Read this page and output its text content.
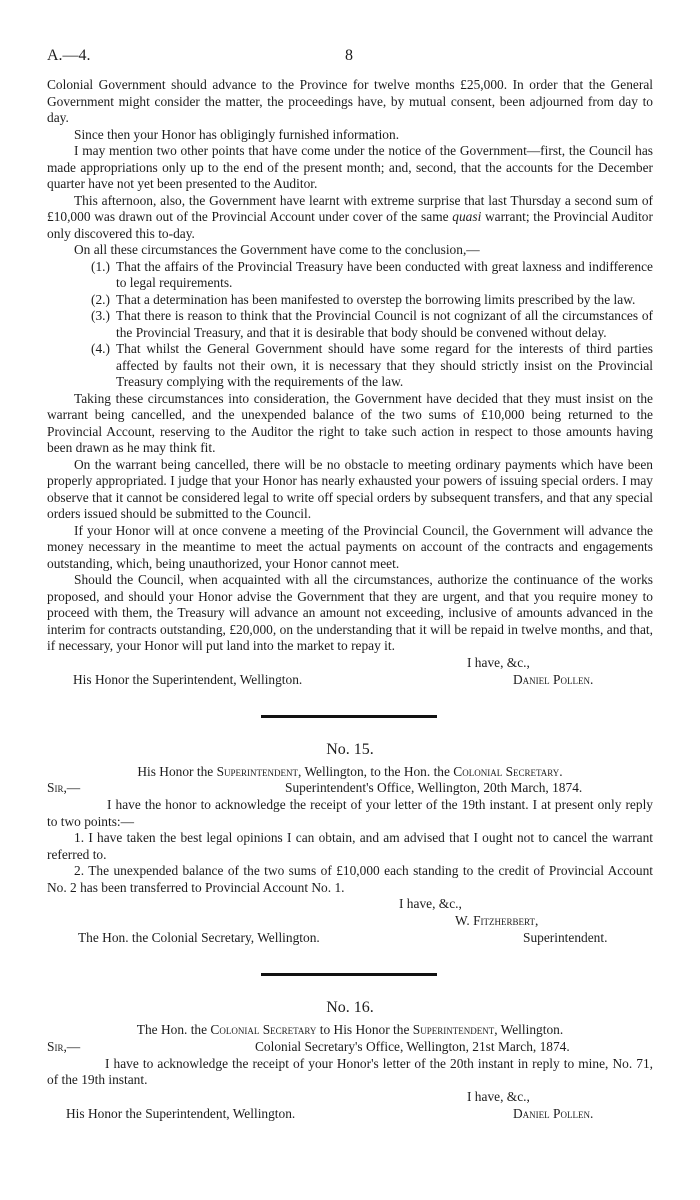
A.—4.	8

Colonial Government should advance to the Province for twelve months £25,000. In order that the General Government might consider the matter, the proceedings have, by mutual consent, been adjourned from day to day.

Since then your Honor has obligingly furnished information.

I may mention two other points that have come under the notice of the Government—first, the Council has made appropriations only up to the end of the present month; and, second, that the accounts for the December quarter have not yet been presented to the Auditor.

This afternoon, also, the Government have learnt with extreme surprise that last Thursday a second sum of £10,000 was drawn out of the Provincial Account under cover of the same quasi warrant; the Provincial Auditor only discovered this to-day.

On all these circumstances the Government have come to the conclusion,—

(1.) That the affairs of the Provincial Treasury have been conducted with great laxness and indifference to legal requirements.
(2.) That a determination has been manifested to overstep the borrowing limits prescribed by the law.
(3.) That there is reason to think that the Provincial Council is not cognizant of all the circumstances of the Provincial Treasury, and that it is desirable that body should be convened without delay.
(4.) That whilst the General Government should have some regard for the interests of third parties affected by faults not their own, it is necessary that they should strictly insist on the Provincial Treasury complying with the requirements of the law.

Taking these circumstances into consideration, the Government have decided that they must insist on the warrant being cancelled, and the unexpended balance of the two sums of £10,000 being returned to the Provincial Account, reserving to the Auditor the right to take such action in respect to those amounts having been drawn as he may think fit.

On the warrant being cancelled, there will be no obstacle to meeting ordinary payments which have been properly appropriated. I judge that your Honor has nearly exhausted your powers of issuing special orders. I may observe that it cannot be considered legal to write off special orders by subsequent transfers, and that any special orders issued should be submitted to the Council.

If your Honor will at once convene a meeting of the Provincial Council, the Government will advance the money necessary in the meantime to meet the actual payments on account of the contracts and engagements outstanding, which, being unauthorized, your Honor cannot meet.

Should the Council, when acquainted with all the circumstances, authorize the continuance of the works proposed, and should your Honor advise the Government that they are urgent, and that you require money to proceed with them, the Treasury will advance an amount not exceeding, inclusive of amounts advanced in the interim for contracts outstanding, £20,000, on the understanding that it will be repaid in twelve months, and that, if necessary, your Honor will put land into the market to repay it.

I have, &c.,
His Honor the Superintendent, Wellington.	Daniel Pollen.
No. 15.

His Honor the Superintendent, Wellington, to the Hon. the Colonial Secretary.

Sir,—	Superintendent's Office, Wellington, 20th March, 1874.

I have the honor to acknowledge the receipt of your letter of the 19th instant. I at present only reply to two points:—

1. I have taken the best legal opinions I can obtain, and am advised that I ought not to cancel the warrant referred to.

2. The unexpended balance of the two sums of £10,000 each standing to the credit of Provincial Account No. 2 has been transferred to Provincial Account No. 1.

I have, &c.,
W. Fitzherbert,
The Hon. the Colonial Secretary, Wellington.	Superintendent.
No. 16.

The Hon. the Colonial Secretary to His Honor the Superintendent, Wellington.

Sir,—	Colonial Secretary's Office, Wellington, 21st March, 1874.

I have to acknowledge the receipt of your Honor's letter of the 20th instant in reply to mine, No. 71, of the 19th instant.

I have, &c.,
His Honor the Superintendent, Wellington.	Daniel Pollen.
